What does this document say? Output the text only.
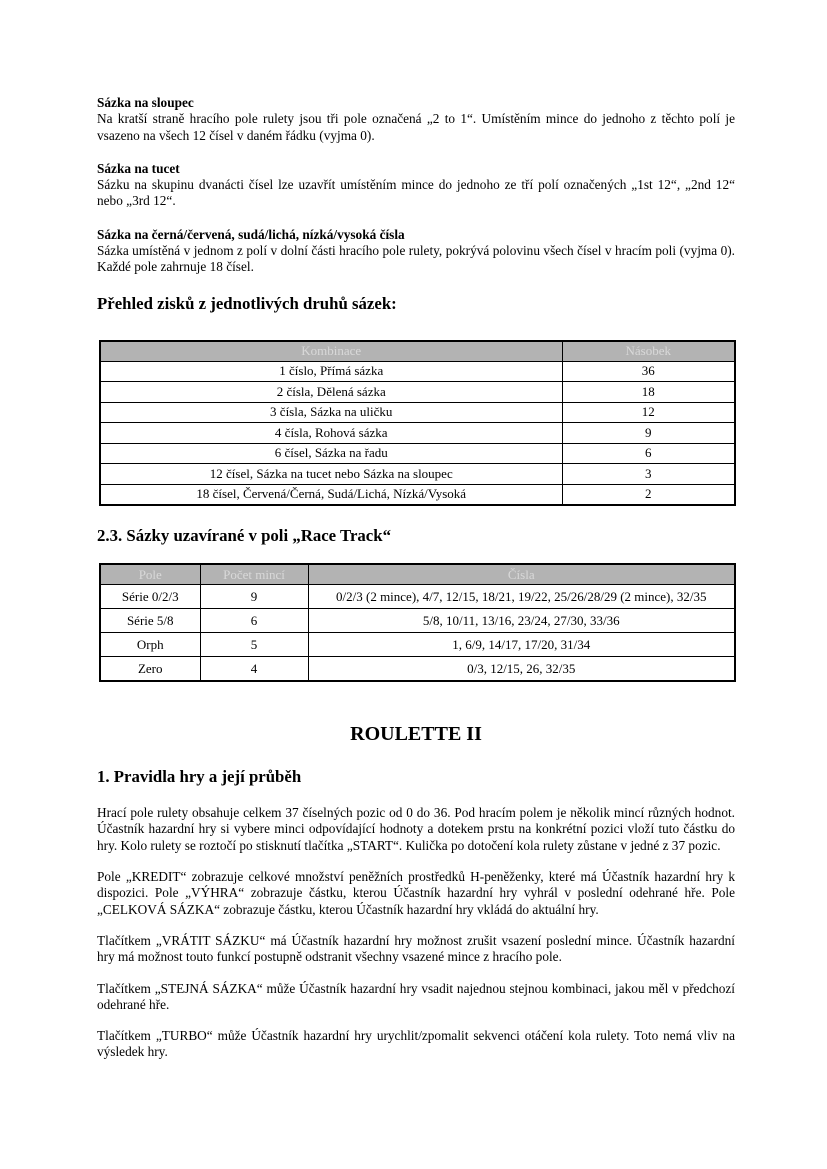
Sázka na sloupec
Na kratší straně hracího pole rulety jsou tři pole označená „2 to 1“. Umístěním mince do jednoho z těchto polí je vsazeno na všech 12 čísel v daném řádku (vyjma 0).
Sázka na tucet
Sázku na skupinu dvanácti čísel lze uzavřít umístěním mince do jednoho ze tří polí označených „1st 12“, „2nd 12“ nebo „3rd 12“.
Sázka na černá/červená, sudá/lichá, nízká/vysoká čísla
Sázka umístěná v jednom z polí v dolní části hracího pole rulety, pokrývá polovinu všech čísel v hracím poli (vyjma 0). Každé pole zahrnuje 18 čísel.
Přehled zisků z jednotlivých druhů sázek:
Kombinace	Násobek
1 číslo, Přímá sázka	36
2 čísla, Dělená sázka	18
3 čísla, Sázka na uličku	12
4 čísla, Rohová sázka	9
6 čísel, Sázka na řadu	6
12 čísel, Sázka na tucet nebo Sázka na sloupec	3
18 čísel, Červená/Černá, Sudá/Lichá, Nízká/Vysoká	2
2.3. Sázky uzavírané v poli „Race Track“
Pole	Počet mincí	Čísla
Série 0/2/3	9	0/2/3 (2 mince), 4/7, 12/15, 18/21, 19/22, 25/26/28/29 (2 mince), 32/35
Série 5/8	6	5/8, 10/11, 13/16, 23/24, 27/30, 33/36
Orph	5	1, 6/9, 14/17, 17/20, 31/34
Zero	4	0/3, 12/15, 26, 32/35
ROULETTE II
1. Pravidla hry a její průběh

Hrací pole rulety obsahuje celkem 37 číselných pozic od 0 do 36. Pod hracím polem je několik mincí různých hodnot. Účastník hazardní hry si vybere minci odpovídající hodnoty a dotekem prstu na konkrétní pozici vloží tuto částku do hry. Kolo rulety se roztočí po stisknutí tlačítka „START“. Kulička po dotočení kola rulety zůstane v jedné z 37 pozic.

Pole „KREDIT“ zobrazuje celkové množství peněžních prostředků H-peněženky, které má Účastník hazardní hry k dispozici. Pole „VÝHRA“ zobrazuje částku, kterou Účastník hazardní hry vyhrál v poslední odehrané hře. Pole „CELKOVÁ SÁZKA“ zobrazuje částku, kterou Účastník hazardní hry vkládá do aktuální hry.

Tlačítkem „VRÁTIT SÁZKU“ má Účastník hazardní hry možnost zrušit vsazení poslední mince. Účastník hazardní hry má možnost touto funkcí postupně odstranit všechny vsazené mince z hracího pole.

Tlačítkem „STEJNÁ SÁZKA“ může Účastník hazardní hry vsadit najednou stejnou kombinaci, jakou měl v předchozí odehrané hře.

Tlačítkem „TURBO“ může Účastník hazardní hry urychlit/zpomalit sekvenci otáčení kola rulety. Toto nemá vliv na výsledek hry.
